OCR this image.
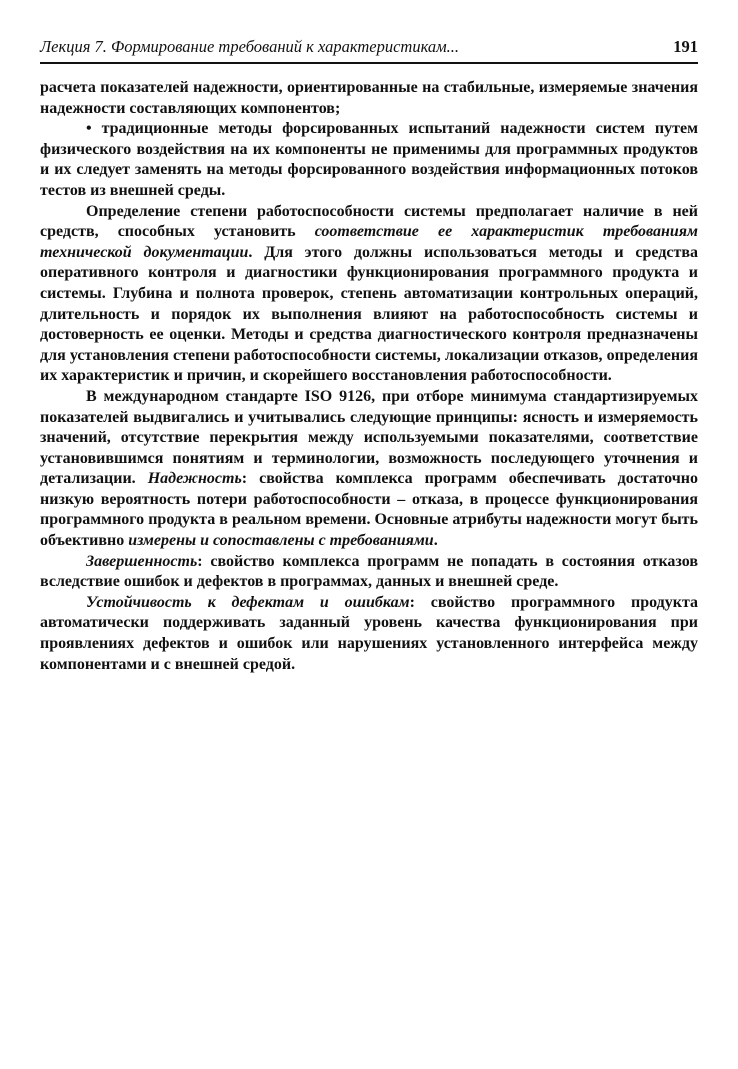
Лекция 7. Формирование требований к характеристикам...	191

расчета показателей надежности, ориентированные на стабильные, измеряемые значения надежности составляющих компонентов;

• традиционные методы форсированных испытаний надежности систем путем физического воздействия на их компоненты не применимы для программных продуктов и их следует заменять на методы форсированного воздействия информационных потоков тестов из внешней среды.

Определение степени работоспособности системы предполагает наличие в ней средств, способных установить соответствие ее характеристик требованиям технической документации. Для этого должны использоваться методы и средства оперативного контроля и диагностики функционирования программного продукта и системы. Глубина и полнота проверок, степень автоматизации контрольных операций, длительность и порядок их выполнения влияют на работоспособность системы и достоверность ее оценки. Методы и средства диагностического контроля предназначены для установления степени работоспособности системы, локализации отказов, определения их характеристик и причин, и скорейшего восстановления работоспособности.

В международном стандарте ISO 9126, при отборе минимума стандартизируемых показателей выдвигались и учитывались следующие принципы: ясность и измеряемость значений, отсутствие перекрытия между используемыми показателями, соответствие установившимся понятиям и терминологии, возможность последующего уточнения и детализации. Надежность: свойства комплекса программ обеспечивать достаточно низкую вероятность потери работоспособности – отказа, в процессе функционирования программного продукта в реальном времени. Основные атрибуты надежности могут быть объективно измерены и сопоставлены с требованиями.

Завершенность: свойство комплекса программ не попадать в состояния отказов вследствие ошибок и дефектов в программах, данных и внешней среде.

Устойчивость к дефектам и ошибкам: свойство программного продукта автоматически поддерживать заданный уровень качества функционирования при проявлениях дефектов и ошибок или нарушениях установленного интерфейса между компонентами и с внешней средой.
